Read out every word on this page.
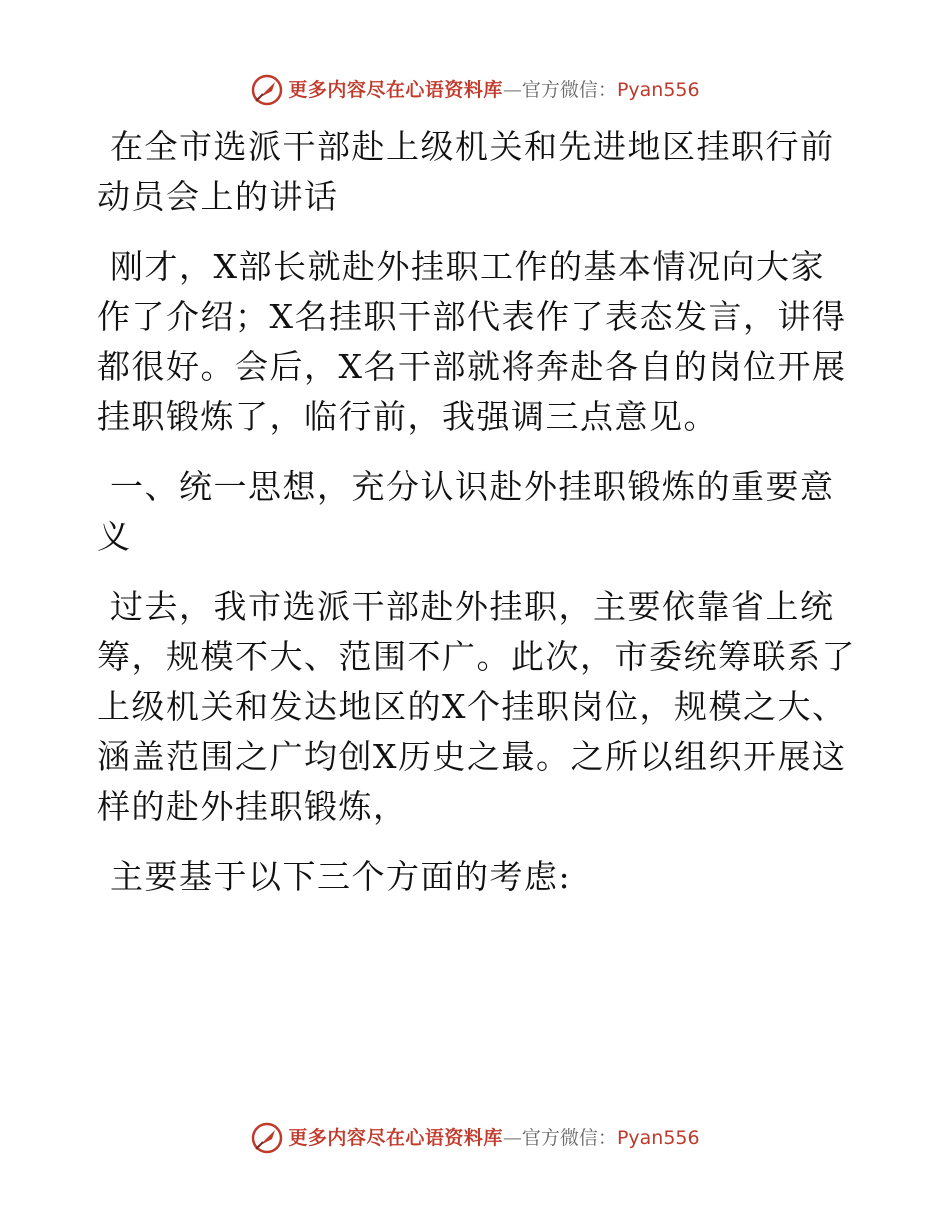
更多内容尽在心语资料库 — 官方微信： Pyan556

在全市选派干部赴上级机关和先进地区挂职行前动员会上的讲话

刚才，X部长就赴外挂职工作的基本情况向大家作了介绍；X名挂职干部代表作了表态发言，讲得都很好。会后，X名干部就将奔赴各自的岗位开展挂职锻炼了，临行前，我强调三点意见。

一、统一思想，充分认识赴外挂职锻炼的重要意义

过去，我市选派干部赴外挂职，主要依靠省上统筹，规模不大、范围不广。此次，市委统筹联系了上级机关和发达地区的X个挂职岗位，规模之大、涵盖范围之广均创X历史之最。之所以组织开展这样的赴外挂职锻炼，

主要基于以下三个方面的考虑:

更多内容尽在心语资料库 — 官方微信： Pyan556
